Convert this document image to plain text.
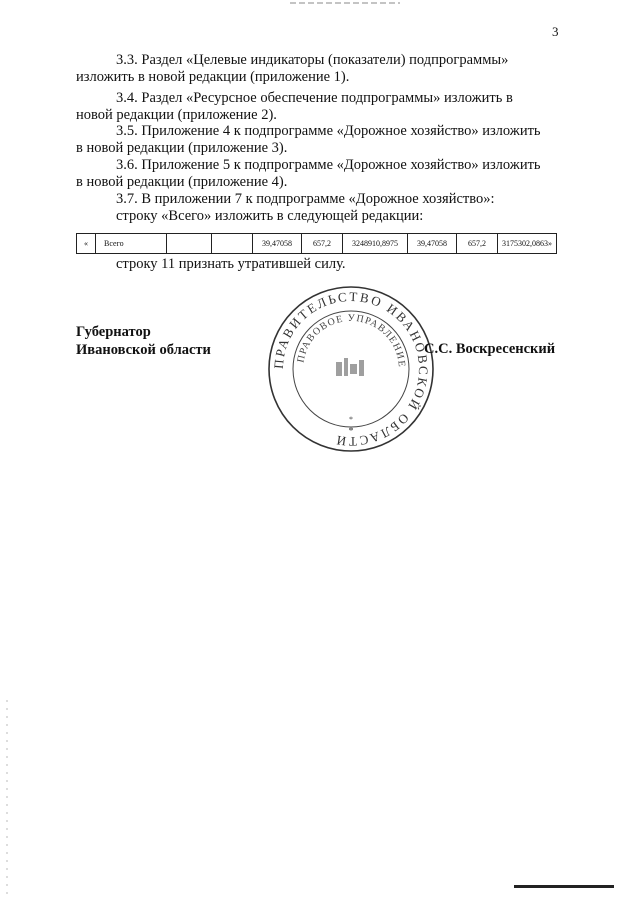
3

3.3. Раздел «Целевые индикаторы (показатели) подпрограммы»

изложить в новой редакции (приложение 1).

3.4. Раздел «Ресурсное обеспечение подпрограммы» изложить в

новой редакции (приложение 2).

3.5. Приложение 4 к подпрограмме «Дорожное хозяйство» изложить

в новой редакции (приложение 3).

3.6. Приложение 5 к подпрограмме «Дорожное хозяйство» изложить

в новой редакции (приложение 4).

3.7. В приложении 7 к подпрограмме «Дорожное хозяйство»:

строку «Всего» изложить в следующей редакции:

«	Всего			39,47058	657,2	3248910,8975	39,47058	657,2	3175302,0863»
строку 11 признать утратившей силу.
Губернатор
Ивановской области
ПРАВИТЕЛЬСТВО ИВАНОВСКОЙ ОБЛАСТИ
ПРАВОВОЕ УПРАВЛЕНИЕ
*
*
С.С. Воскресенский
